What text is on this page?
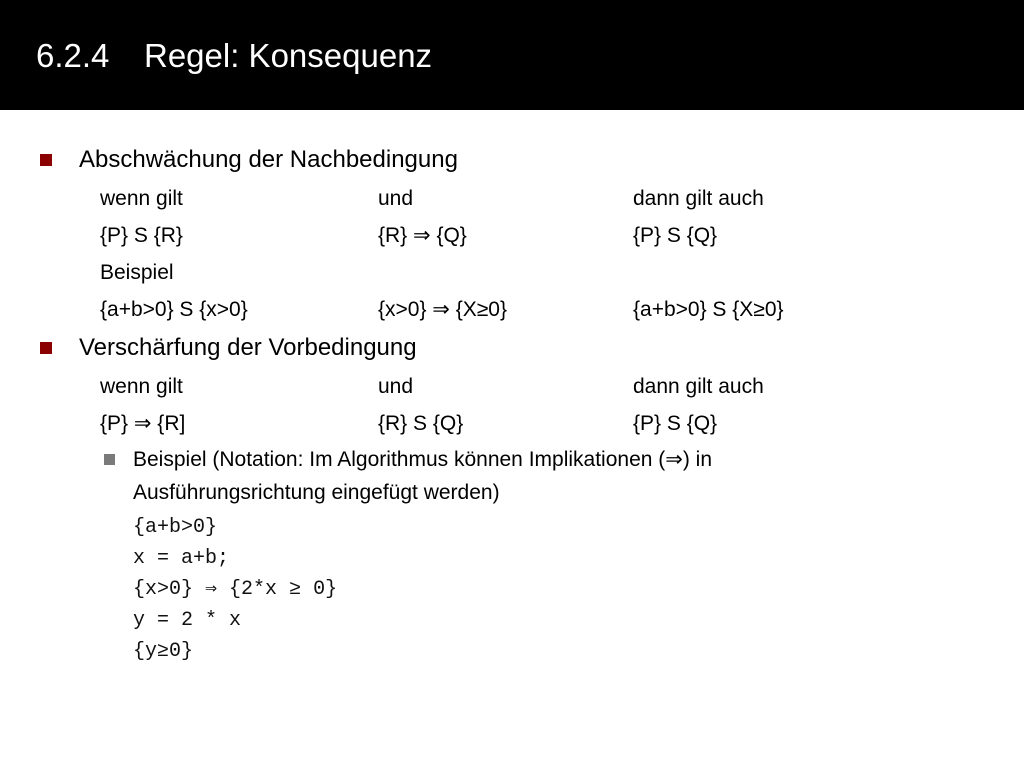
6.2.4 Regel: Konsequenz
Abschwächung der Nachbedingung
wenn gilt	und	dann gilt auch
{P} S {R}	{R} ⇒ {Q}	{P} S {Q}
Beispiel
{a+b>0} S {x>0}	{x>0} ⇒ {X≥0}	{a+b>0} S {X≥0}
Verschärfung der Vorbedingung
wenn gilt	und	dann gilt auch
{P} ⇒ {R]	{R} S {Q}	{P} S {Q}
Beispiel (Notation: Im Algorithmus können Implikationen (⇒) in
Ausführungsrichtung eingefügt werden)
{a+b>0}
x = a+b;
{x>0} ⇒ {2*x ≥ 0}
y = 2 * x
{y≥0}
